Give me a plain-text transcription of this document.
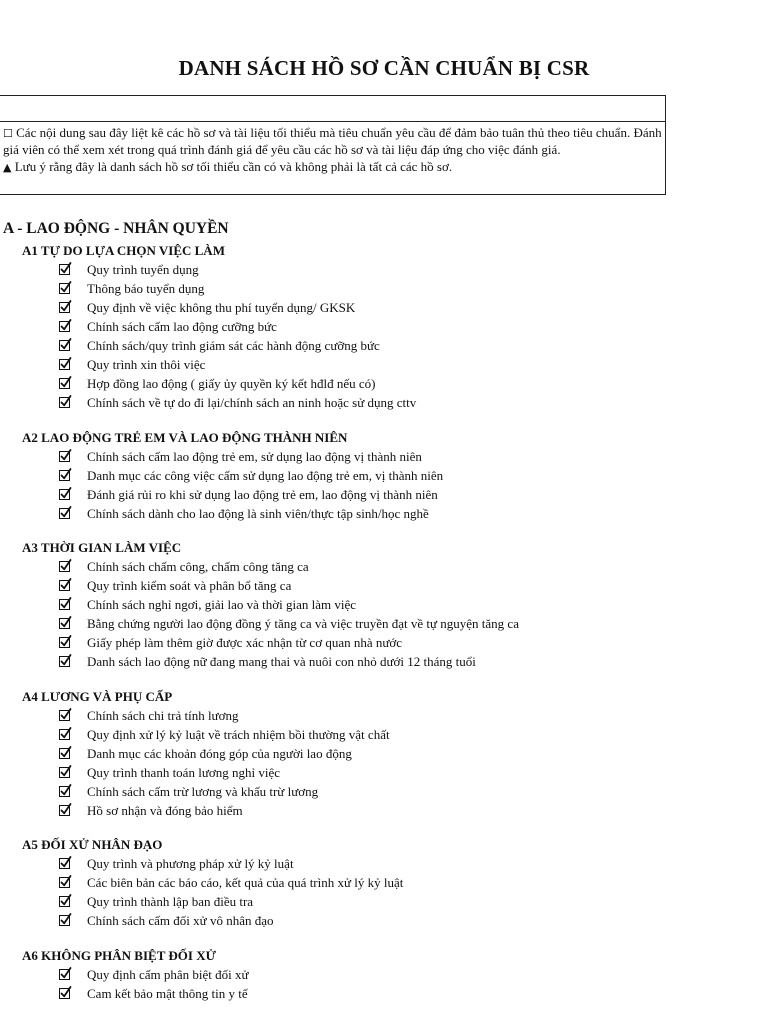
DANH SÁCH HỒ SƠ CẦN CHUẨN BỊ CSR

☐ Các nội dung sau đây liệt kê các hồ sơ và tài liệu tối thiểu mà tiêu chuẩn yêu cầu để đảm bảo tuân thủ theo tiêu chuẩn. Đánh giá viên có thể xem xét trong quá trình đánh giá để yêu cầu các hồ sơ và tài liệu đáp ứng cho việc đánh giá.

▲ Lưu ý rằng đây là danh sách hồ sơ tối thiểu cần có và không phải là tất cả các hồ sơ.

A - LAO ĐỘNG - NHÂN QUYỀN
A1 TỰ DO LỰA CHỌN VIỆC LÀM
Quy trình tuyển dụng
Thông báo tuyển dụng
Quy định về việc không thu phí tuyển dụng/ GKSK
Chính sách cấm lao động cưỡng bức
Chính sách/quy trình giám sát các hành động cưỡng bức
Quy trình xin thôi việc
Hợp đồng lao động ( giấy ủy quyền ký kết hđlđ nếu có)
Chính sách về tự do đi lại/chính sách an ninh hoặc sử dụng cttv
A2 LAO ĐỘNG TRẺ EM VÀ LAO ĐỘNG THÀNH NIÊN
Chính sách cấm lao động trẻ em, sử dụng lao động vị thành niên
Danh mục các công việc cấm sử dụng lao động trẻ em, vị thành niên
Đánh giá rủi ro khi sử dụng lao động trẻ em, lao động vị thành niên
Chính sách dành cho lao động là sinh viên/thực tập sinh/học nghề
A3 THỜI GIAN LÀM VIỆC
Chính sách chấm công, chấm công tăng ca
Quy trình kiểm soát và phân bổ tăng ca
Chính sách nghỉ ngơi, giải lao và thời gian làm việc
Bằng chứng người lao động đồng ý tăng ca và việc truyền đạt về tự nguyện tăng ca
Giấy phép làm thêm giờ được xác nhận từ cơ quan nhà nước
Danh sách lao động nữ đang mang thai và nuôi con nhỏ dưới 12 tháng tuổi
A4 LƯƠNG VÀ PHỤ CẤP
Chính sách chi trả tính lương
Quy định xử lý kỷ luật về trách nhiệm bồi thường vật chất
Danh mục các khoản đóng góp của người lao động
Quy trình thanh toán lương nghỉ việc
Chính sách cấm trừ lương và khấu trừ lương
Hồ sơ nhận và đóng bảo hiểm
A5 ĐỐI XỬ NHÂN ĐẠO
Quy trình và phương pháp xử lý kỷ luật
Các biên bản các báo cáo, kết quả của quá trình xử lý kỷ luật
Quy trình thành lập ban điều tra
Chính sách cấm đối xử vô nhân đạo
A6 KHÔNG PHÂN BIỆT ĐỐI XỬ
Quy định cấm phân biệt đối xử
Cam kết bảo mật thông tin y tế
